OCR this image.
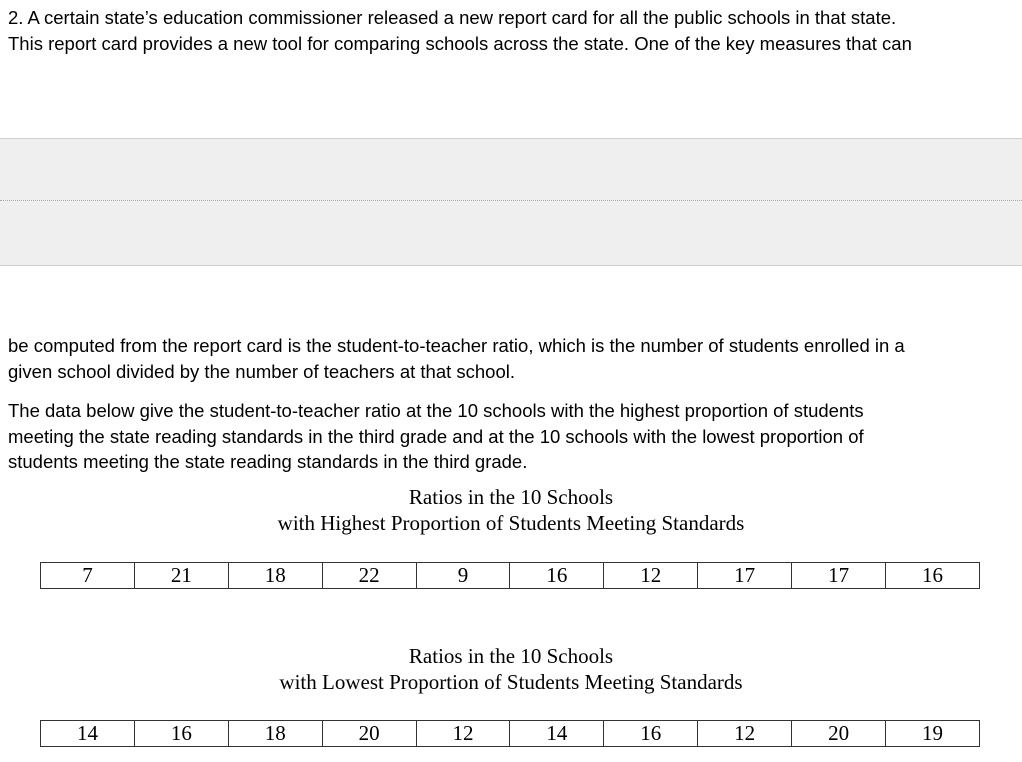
2. A certain state’s education commissioner released a new report card for all the public schools in that state.
This report card provides a new tool for comparing schools across the state. One of the key measures that can

be computed from the report card is the student-to-teacher ratio, which is the number of students enrolled in a
given school divided by the number of teachers at that school.

The data below give the student-to-teacher ratio at the 10 schools with the highest proportion of students
meeting the state reading standards in the third grade and at the 10 schools with the lowest proportion of
students meeting the state reading standards in the third grade.

Ratios in the 10 Schools
with Highest Proportion of Students Meeting Standards
7	21	18	22	9	16	12	17	17	16
Ratios in the 10 Schools
with Lowest Proportion of Students Meeting Standards
14	16	18	20	12	14	16	12	20	19
